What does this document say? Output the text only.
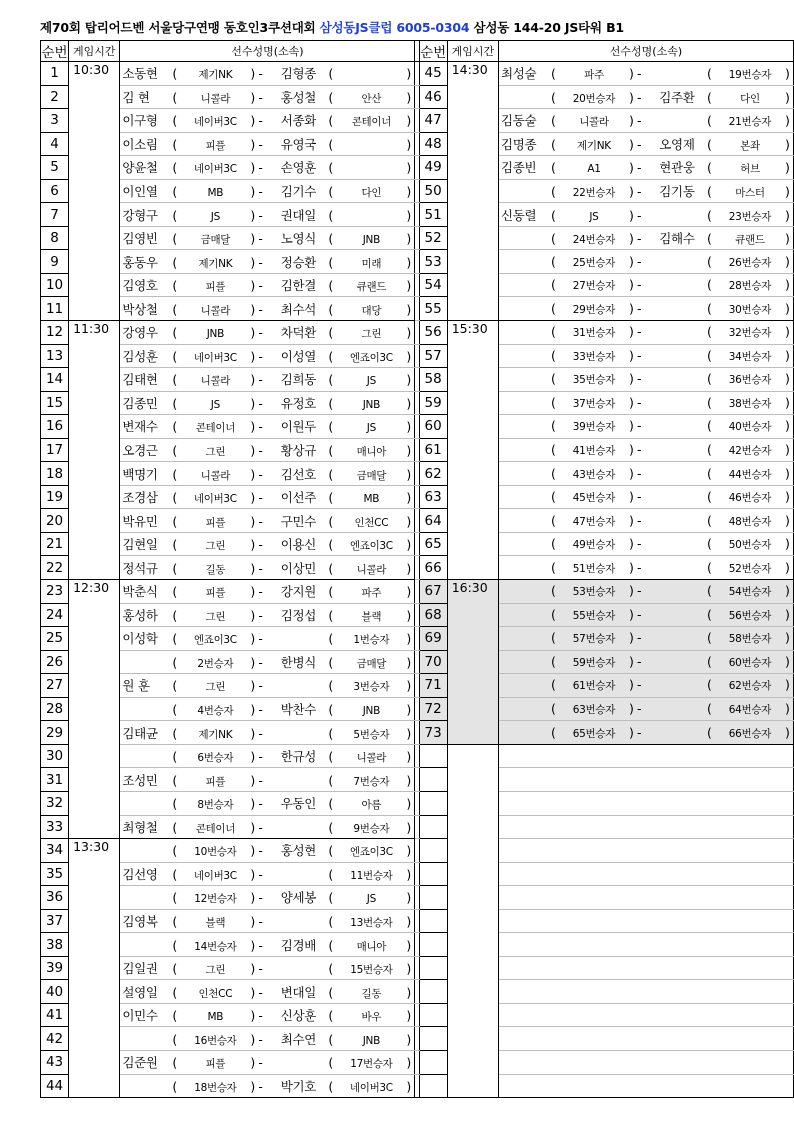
제70회 탑리어드벤 서울당구연맹 동호인3쿠션대회 삼성동JS클럽 6005-0304 삼성동 144-20 JS타워 B1
순번	게임시간	선수성명(소속)		순번	게임시간	선수성명(소속)
1	10:30	소동현 ( 제기NK ) - 김형종 ( )		45	14:30	최성술 ( 파주 ) - ( 19번승자 )
2		김 현 ( 니콜라 ) - 홍성철 ( 안산 )		46		( 20번승자 ) - 김주환 ( 다인 )
3		이구형 ( 네이버3C ) - 서종화 ( 콘테이너 )		47		김동술 ( 니콜라 ) - ( 21번승자 )
4		이소림 ( 피플 ) - 유영국 ( )		48		김명종 ( 제기NK ) - 오영제 ( 본좌 )
5		양윤철 ( 네이버3C ) - 손영훈 ( )		49		김종빈 ( A1 ) - 현관웅 ( 허브 )
6		이인열 ( MB ) - 김기수 ( 다인 )		50		( 22번승자 ) - 김기동 ( 마스터 )
7		강형구 ( JS ) - 권대일 ( )		51		신동렬 ( JS ) - ( 23번승자 )
8		김영빈 ( 금매달 ) - 노영식 ( JNB )		52		( 24번승자 ) - 김해수 ( 큐랜드 )
9		홍동우 ( 제기NK ) - 정승환 ( 미래 )		53		( 25번승자 ) - ( 26번승자 )
10		김영호 ( 피플 ) - 김한결 ( 큐랜드 )		54		( 27번승자 ) - ( 28번승자 )
11		박상철 ( 니콜라 ) - 최수석 ( 대당 )		55		( 29번승자 ) - ( 30번승자 )
12	11:30	강영우 ( JNB ) - 차덕환 ( 그린 )		56	15:30	( 31번승자 ) - ( 32번승자 )
13		김성훈 ( 네이버3C ) - 이성열 ( 엔죠이3C )		57		( 33번승자 ) - ( 34번승자 )
14		김태현 ( 니콜라 ) - 김희동 ( JS )		58		( 35번승자 ) - ( 36번승자 )
15		김종민 ( JS ) - 유정호 ( JNB )		59		( 37번승자 ) - ( 38번승자 )
16		변재수 ( 콘테이너 ) - 이원두 ( JS )		60		( 39번승자 ) - ( 40번승자 )
17		오경근 ( 그린 ) - 황상규 ( 매니아 )		61		( 41번승자 ) - ( 42번승자 )
18		백명기 ( 니콜라 ) - 김선호 ( 금매달 )		62		( 43번승자 ) - ( 44번승자 )
19		조경삼 ( 네이버3C ) - 이선주 ( MB )		63		( 45번승자 ) - ( 46번승자 )
20		박유민 ( 피플 ) - 구민수 ( 인천CC )		64		( 47번승자 ) - ( 48번승자 )
21		김현일 ( 그린 ) - 이용신 ( 엔죠이3C )		65		( 49번승자 ) - ( 50번승자 )
22		정석규 ( 길동 ) - 이상민 ( 니콜라 )		66		( 51번승자 ) - ( 52번승자 )
23	12:30	박춘식 ( 피플 ) - 강지원 ( 파주 )		67	16:30	( 53번승자 ) - ( 54번승자 )
24		홍성하 ( 그린 ) - 김정섭 ( 블랙 )		68		( 55번승자 ) - ( 56번승자 )
25		이성학 ( 엔죠이3C ) - ( 1번승자 )		69		( 57번승자 ) - ( 58번승자 )
26		( 2번승자 ) - 한병식 ( 금매달 )		70		( 59번승자 ) - ( 60번승자 )
27		원 훈 ( 그린 ) - ( 3번승자 )		71		( 61번승자 ) - ( 62번승자 )
28		( 4번승자 ) - 박찬수 ( JNB )		72		( 63번승자 ) - ( 64번승자 )
29		김태균 ( 제기NK ) - ( 5번승자 )		73		( 65번승자 ) - ( 66번승자 )
30		( 6번승자 ) - 한규성 ( 니콜라 )				
31		조성민 ( 피플 ) - ( 7번승자 )				
32		( 8번승자 ) - 우동인 ( 아름 )				
33		최형철 ( 콘테이너 ) - ( 9번승자 )				
34	13:30	( 10번승자 ) - 홍성현 ( 엔죠이3C )				
35		김선영 ( 네이버3C ) - ( 11번승자 )				
36		( 12번승자 ) - 양세봉 ( JS )				
37		김영복 ( 블랙 ) - ( 13번승자 )				
38		( 14번승자 ) - 김경배 ( 매니아 )				
39		김일권 ( 그린 ) - ( 15번승자 )				
40		설영일 ( 인천CC ) - 변대일 ( 길동 )				
41		이민수 ( MB ) - 신상훈 ( 바우 )				
42		( 16번승자 ) - 최수연 ( JNB )				
43		김준원 ( 피플 ) - ( 17번승자 )				
44		( 18번승자 ) - 박기호 ( 네이버3C )				
